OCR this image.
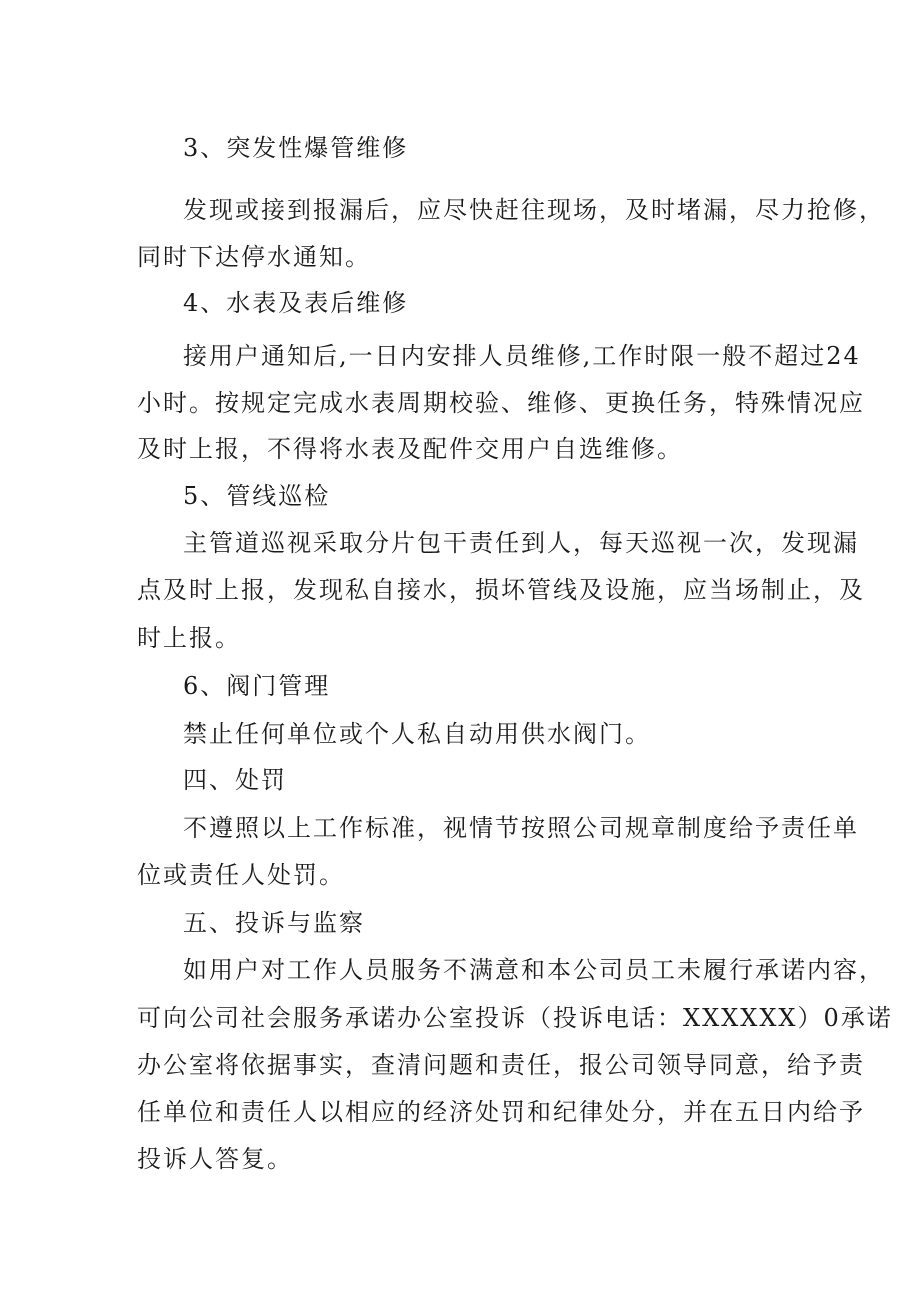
3、突发性爆管维修

发现或接到报漏后，应尽快赶往现场，及时堵漏，尽力抢修，

同时下达停水通知。

4、水表及表后维修

接用户通知后,一日内安排人员维修,工作时限一般不超过24

小时。按规定完成水表周期校验、维修、更换任务，特殊情况应

及时上报，不得将水表及配件交用户自选维修。

5、管线巡检

主管道巡视采取分片包干责任到人，每天巡视一次，发现漏

点及时上报，发现私自接水，损坏管线及设施，应当场制止，及

时上报。

6、阀门管理

禁止任何单位或个人私自动用供水阀门。

四、处罚

不遵照以上工作标准，视情节按照公司规章制度给予责任单

位或责任人处罚。

五、投诉与监察

如用户对工作人员服务不满意和本公司员工未履行承诺内容，

可向公司社会服务承诺办公室投诉（投诉电话：XXXXXX）0承诺

办公室将依据事实，查清问题和责任，报公司领导同意，给予责

任单位和责任人以相应的经济处罚和纪律处分，并在五日内给予

投诉人答复。
